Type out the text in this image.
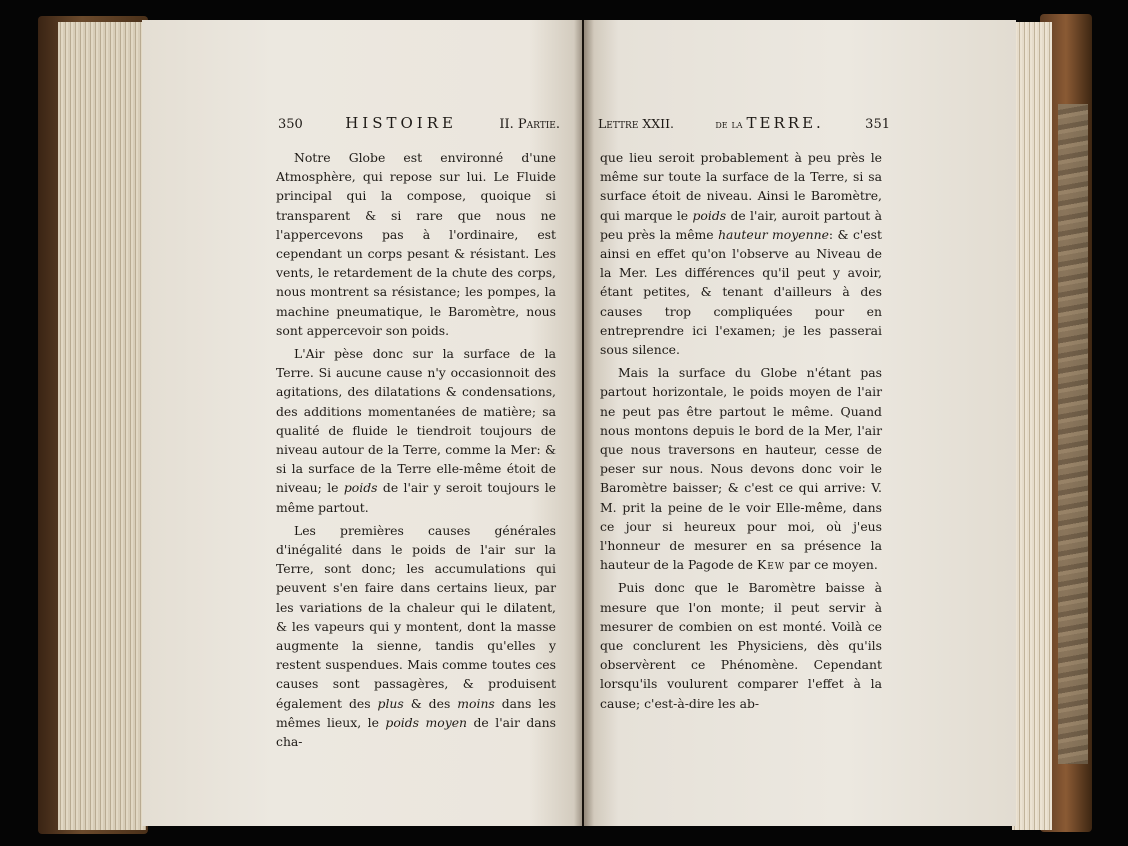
350	HISTOIRE	II. Partie.

Notre Globe est environné d'une Atmosphère, qui repose sur lui. Le Fluide principal qui la compose, quoique si transparent & si rare que nous ne l'appercevons pas à l'ordinaire, est cependant un corps pesant & résistant. Les vents, le retardement de la chute des corps, nous montrent sa résistance; les pompes, la machine pneumatique, le Baromètre, nous sont appercevoir son poids.

L'Air pèse donc sur la surface de la Terre. Si aucune cause n'y occasionnoit des agitations, des dilatations & condensations, des additions momentanées de matière; sa qualité de fluide le tiendroit toujours de niveau autour de la Terre, comme la Mer: & si la surface de la Terre elle-même étoit de niveau; le poids de l'air y seroit toujours le même partout.

Les premières causes générales d'inégalité dans le poids de l'air sur la Terre, sont donc; les accumulations qui peuvent s'en faire dans certains lieux, par les variations de la chaleur qui le dilatent, & les vapeurs qui y montent, dont la masse augmente la sienne, tandis qu'elles y restent suspendues. Mais comme toutes ces causes sont passagères, & produisent également des plus & des moins dans les mêmes lieux, le poids moyen de l'air dans cha-

Lettre XXII.	de la TERRE.	351

que lieu seroit probablement à peu près le même sur toute la surface de la Terre, si sa surface étoit de niveau. Ainsi le Baromètre, qui marque le poids de l'air, auroit partout à peu près la même hauteur moyenne: & c'est ainsi en effet qu'on l'observe au Niveau de la Mer. Les différences qu'il peut y avoir, étant petites, & tenant d'ailleurs à des causes trop compliquées pour en entreprendre ici l'examen; je les passerai sous silence.

Mais la surface du Globe n'étant pas partout horizontale, le poids moyen de l'air ne peut pas être partout le même. Quand nous montons depuis le bord de la Mer, l'air que nous traversons en hauteur, cesse de peser sur nous. Nous devons donc voir le Baromètre baisser; & c'est ce qui arrive: V. M. prit la peine de le voir Elle-même, dans ce jour si heureux pour moi, où j'eus l'honneur de mesurer en sa présence la hauteur de la Pagode de Kew par ce moyen.

Puis donc que le Baromètre baisse à mesure que l'on monte; il peut servir à mesurer de combien on est monté. Voilà ce que conclurent les Physiciens, dès qu'ils observèrent ce Phénomène. Cependant lorsqu'ils voulurent comparer l'effet à la cause; c'est-à-dire les ab-
